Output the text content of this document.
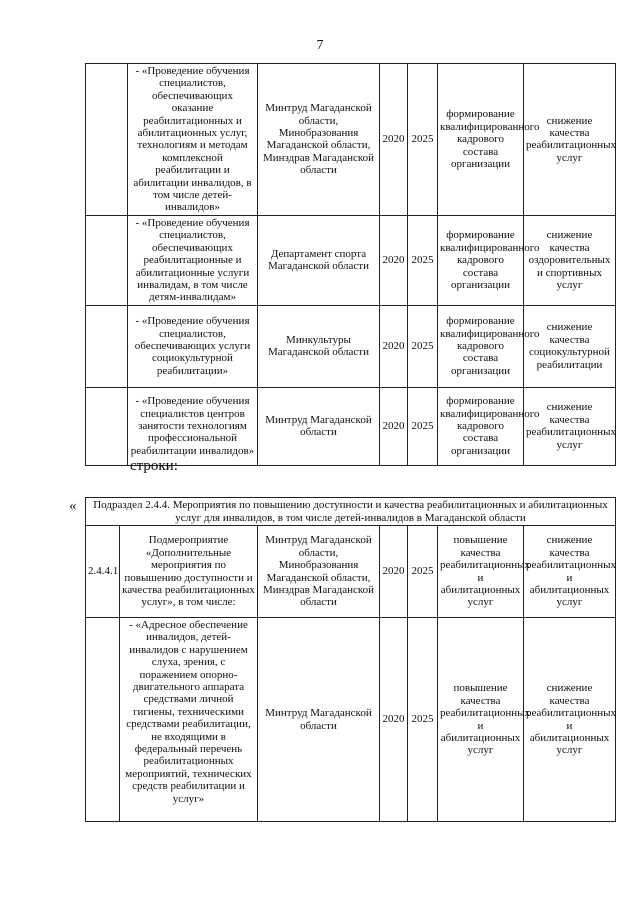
7
	- «Проведение обучения специалистов, обеспечивающих оказание реабилитационных и абилитационных услуг, технологиям и методам комплексной реабилитации и абилитации инвалидов, в том числе детей-инвалидов»	Минтруд Магаданской области, Минобразования Магаданской области, Минздрав Магаданской области	2020	2025	формирование квалифицированного кадрового состава организации	снижение качества реабилитационных услуг
	- «Проведение обучения специалистов, обеспечивающих реабилитационные и абилитационные услуги инвалидам, в том числе детям-инвалидам»	Департамент спорта Магаданской области	2020	2025	формирование квалифицированного кадрового состава организации	снижение качества оздоровительных и спортивных услуг
	- «Проведение обучения специалистов, обеспечивающих услуги социокультурной реабилитации»	Минкультуры Магаданской области	2020	2025	формирование квалифицированного кадрового состава организации	снижение качества социокультурной реабилитации
	- «Проведение обучения специалистов центров занятости технологиям профессиональной реабилитации инвалидов»	Минтруд Магаданской области	2020	2025	формирование квалифицированного кадрового состава организации	снижение качества реабилитационных услуг
строки:
« Подраздел 2.4.4. Мероприятия по повышению доступности и качества реабилитационных и абилитационных услуг для инвалидов, в том числе детей-инвалидов в Магаданской области						
2.4.4.1	Подмероприятие «Дополнительные мероприятия по повышению доступности и качества реабилитационных услуг», в том числе:	Минтруд Магаданской области, Минобразования Магаданской области, Минздрав Магаданской области	2020	2025	повышение качества реабилитационных и абилитационных услуг	снижение качества реабилитационных и абилитационных услуг
	- «Адресное обеспечение инвалидов, детей-инвалидов с нарушением слуха, зрения, с поражением опорно-двигательного аппарата средствами личной гигиены, техническими средствами реабилитации, не входящими в федеральный перечень реабилитационных мероприятий, технических средств реабилитации и услуг»	Минтруд Магаданской области	2020	2025	повышение качества реабилитационных и абилитационных услуг	снижение качества реабилитационных и абилитационных услуг
